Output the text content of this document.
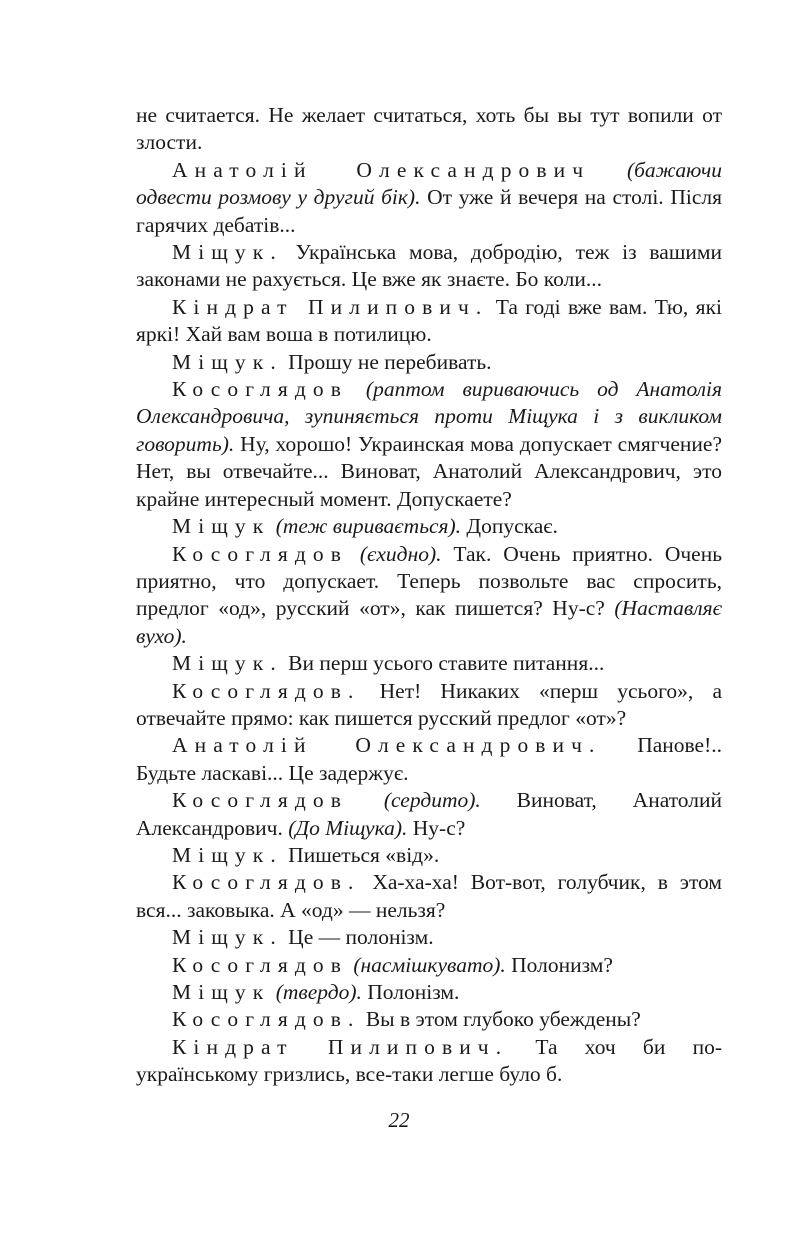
не считается. Не желает считаться, хоть бы вы тут вопили от злости.

Анатолій Олександрович (бажаючи одвести розмову у другий бік). От уже й вечеря на столі. Після гарячих дебатів...

Міщук. Українська мова, добродію, теж із вашими законами не рахується. Це вже як знаєте. Бо коли...

Кіндрат Пилипович. Та годі вже вам. Тю, які яркі! Хай вам воша в потилицю.

Міщук. Прошу не перебивать.

Косоглядов (раптом вириваючись од Анатолія Олександровича, зупиняється проти Міщука і з викликом говорить). Ну, хорошо! Украинская мова допускает смягчение? Нет, вы отвечайте... Виноват, Анатолий Александрович, это крайне интересный момент. Допускаете?

Міщук (теж виривається). Допускає.

Косоглядов (єхидно). Так. Очень приятно. Очень приятно, что допускает. Теперь позвольте вас спросить, предлог «од», русский «от», как пишется? Ну-с? (Наставляє вухо).

Міщук. Ви перш усього ставите питання...

Косоглядов. Нет! Никаких «перш усього», а отвечайте прямо: как пишется русский предлог «от»?

Анатолій Олександрович. Панове!.. Будьте ласкаві... Це задержує.

Косоглядов (сердито). Виноват, Анатолий Александрович. (До Міщука). Ну-с?

Міщук. Пишеться «від».

Косоглядов. Ха-ха-ха! Вот-вот, голубчик, в этом вся... заковыка. А «од» — нельзя?

Міщук. Це — полонізм.

Косоглядов (насмішкувато). Полонизм?

Міщук (твердо). Полонізм.

Косоглядов. Вы в этом глубоко убеждены?

Кіндрат Пилипович. Та хоч би по-українському гризлись, все-таки легше було б.

22
